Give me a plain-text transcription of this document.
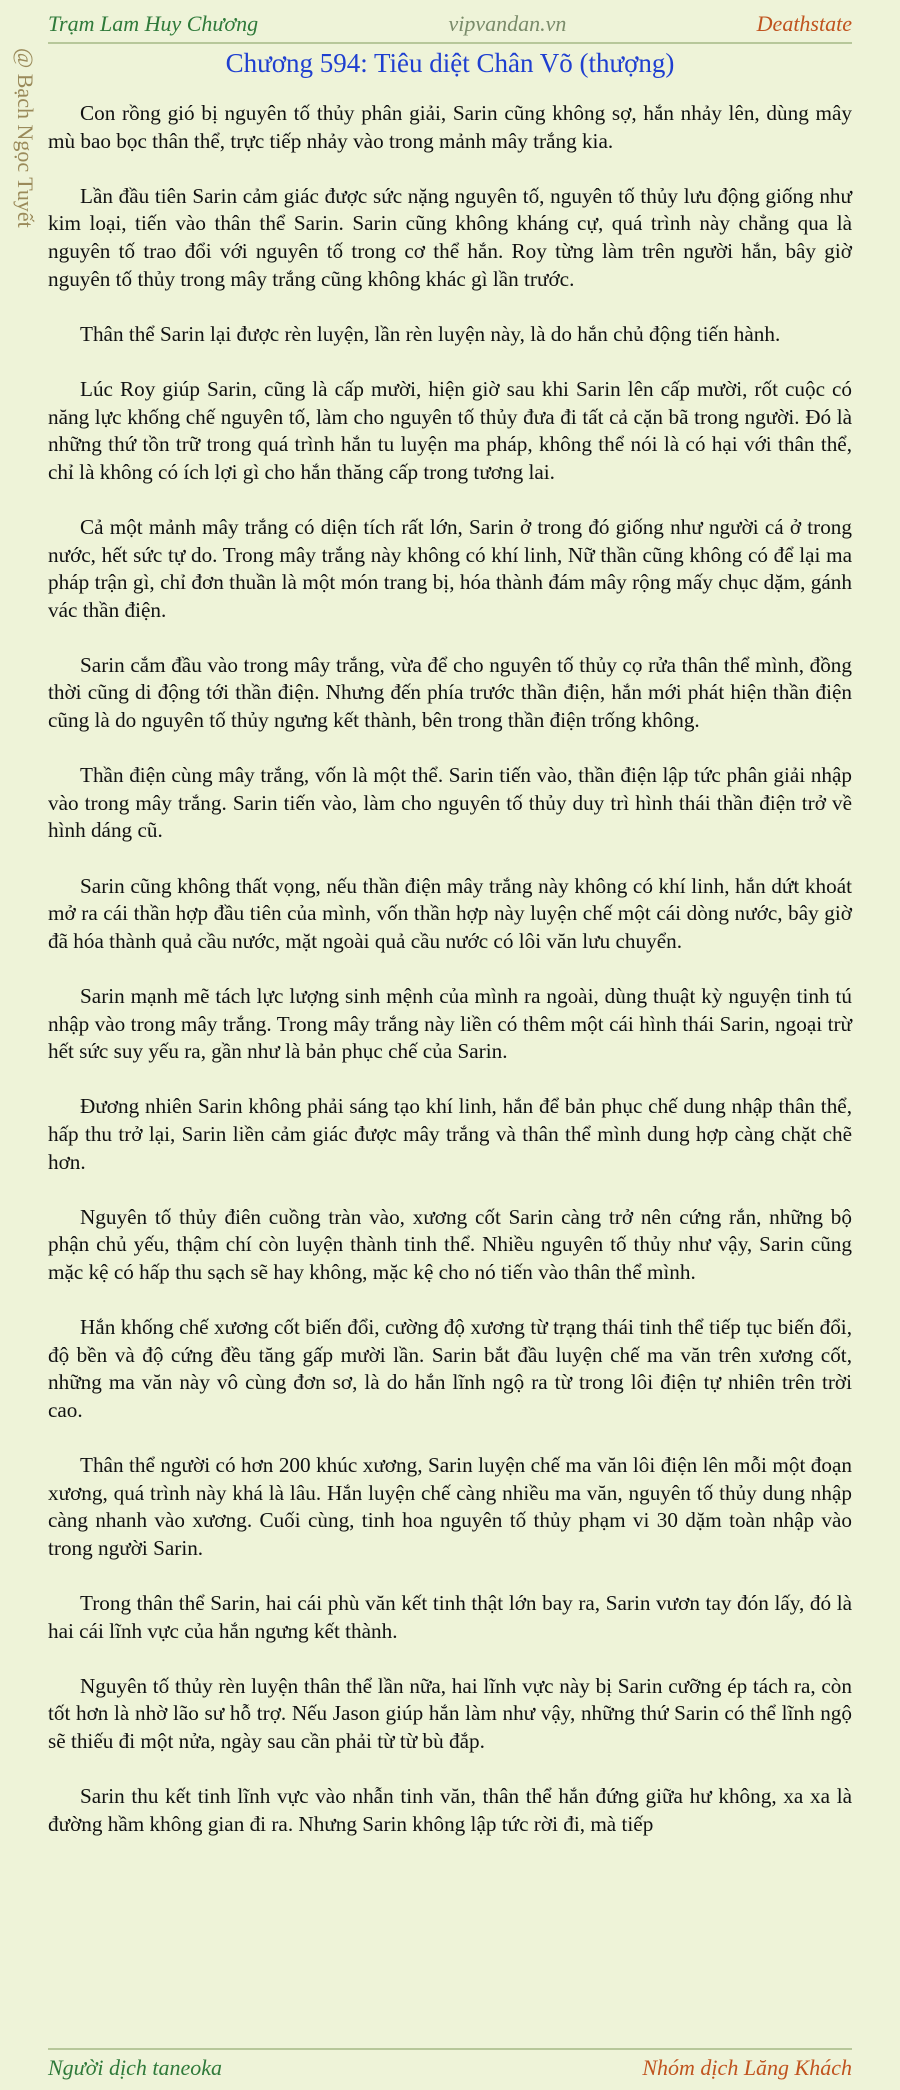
Trạm Lam Huy Chương	vipvandan.vn	Deathstate
@ Bạch Ngọc Tuyết	Chương 594: Tiêu diệt Chân Võ (thượng)

Con rồng gió bị nguyên tố thủy phân giải, Sarin cũng không sợ, hắn nhảy lên, dùng mây mù bao bọc thân thể, trực tiếp nhảy vào trong mảnh mây trắng kia.

Lần đầu tiên Sarin cảm giác được sức nặng nguyên tố, nguyên tố thủy lưu động giống như kim loại, tiến vào thân thể Sarin. Sarin cũng không kháng cự, quá trình này chẳng qua là nguyên tố trao đổi với nguyên tố trong cơ thể hắn. Roy từng làm trên người hắn, bây giờ nguyên tố thủy trong mây trắng cũng không khác gì lần trước.

Thân thể Sarin lại được rèn luyện, lần rèn luyện này, là do hắn chủ động tiến hành.

Lúc Roy giúp Sarin, cũng là cấp mười, hiện giờ sau khi Sarin lên cấp mười, rốt cuộc có năng lực khống chế nguyên tố, làm cho nguyên tố thủy đưa đi tất cả cặn bã trong người. Đó là những thứ tồn trữ trong quá trình hắn tu luyện ma pháp, không thể nói là có hại với thân thể, chỉ là không có ích lợi gì cho hắn thăng cấp trong tương lai.

Cả một mảnh mây trắng có diện tích rất lớn, Sarin ở trong đó giống như người cá ở trong nước, hết sức tự do. Trong mây trắng này không có khí linh, Nữ thần cũng không có để lại ma pháp trận gì, chỉ đơn thuần là một món trang bị, hóa thành đám mây rộng mấy chục dặm, gánh vác thần điện.

Sarin cắm đầu vào trong mây trắng, vừa để cho nguyên tố thủy cọ rửa thân thể mình, đồng thời cũng di động tới thần điện. Nhưng đến phía trước thần điện, hắn mới phát hiện thần điện cũng là do nguyên tố thủy ngưng kết thành, bên trong thần điện trống không.

Thần điện cùng mây trắng, vốn là một thể. Sarin tiến vào, thần điện lập tức phân giải nhập vào trong mây trắng. Sarin tiến vào, làm cho nguyên tố thủy duy trì hình thái thần điện trở về hình dáng cũ.

Sarin cũng không thất vọng, nếu thần điện mây trắng này không có khí linh, hắn dứt khoát mở ra cái thần hợp đầu tiên của mình, vốn thần hợp này luyện chế một cái dòng nước, bây giờ đã hóa thành quả cầu nước, mặt ngoài quả cầu nước có lôi văn lưu chuyển.

Sarin mạnh mẽ tách lực lượng sinh mệnh của mình ra ngoài, dùng thuật kỳ nguyện tinh tú nhập vào trong mây trắng. Trong mây trắng này liền có thêm một cái hình thái Sarin, ngoại trừ hết sức suy yếu ra, gần như là bản phục chế của Sarin.

Đương nhiên Sarin không phải sáng tạo khí linh, hắn để bản phục chế dung nhập thân thể, hấp thu trở lại, Sarin liền cảm giác được mây trắng và thân thể mình dung hợp càng chặt chẽ hơn.

Nguyên tố thủy điên cuồng tràn vào, xương cốt Sarin càng trở nên cứng rắn, những bộ phận chủ yếu, thậm chí còn luyện thành tinh thể. Nhiều nguyên tố thủy như vậy, Sarin cũng mặc kệ có hấp thu sạch sẽ hay không, mặc kệ cho nó tiến vào thân thể mình.

Hắn khống chế xương cốt biến đổi, cường độ xương từ trạng thái tinh thể tiếp tục biến đổi, độ bền và độ cứng đều tăng gấp mười lần. Sarin bắt đầu luyện chế ma văn trên xương cốt, những ma văn này vô cùng đơn sơ, là do hắn lĩnh ngộ ra từ trong lôi điện tự nhiên trên trời cao.

Thân thể người có hơn 200 khúc xương, Sarin luyện chế ma văn lôi điện lên mỗi một đoạn xương, quá trình này khá là lâu. Hắn luyện chế càng nhiều ma văn, nguyên tố thủy dung nhập càng nhanh vào xương. Cuối cùng, tinh hoa nguyên tố thủy phạm vi 30 dặm toàn nhập vào trong người Sarin.

Trong thân thể Sarin, hai cái phù văn kết tinh thật lớn bay ra, Sarin vươn tay đón lấy, đó là hai cái lĩnh vực của hắn ngưng kết thành.

Nguyên tố thủy rèn luyện thân thể lần nữa, hai lĩnh vực này bị Sarin cưỡng ép tách ra, còn tốt hơn là nhờ lão sư hỗ trợ. Nếu Jason giúp hắn làm như vậy, những thứ Sarin có thể lĩnh ngộ sẽ thiếu đi một nửa, ngày sau cần phải từ từ bù đắp.

Sarin thu kết tinh lĩnh vực vào nhẫn tinh văn, thân thể hắn đứng giữa hư không, xa xa là đường hầm không gian đi ra. Nhưng Sarin không lập tức rời đi, mà tiếp

Người dịch taneoka	Nhóm dịch Lăng Khách
